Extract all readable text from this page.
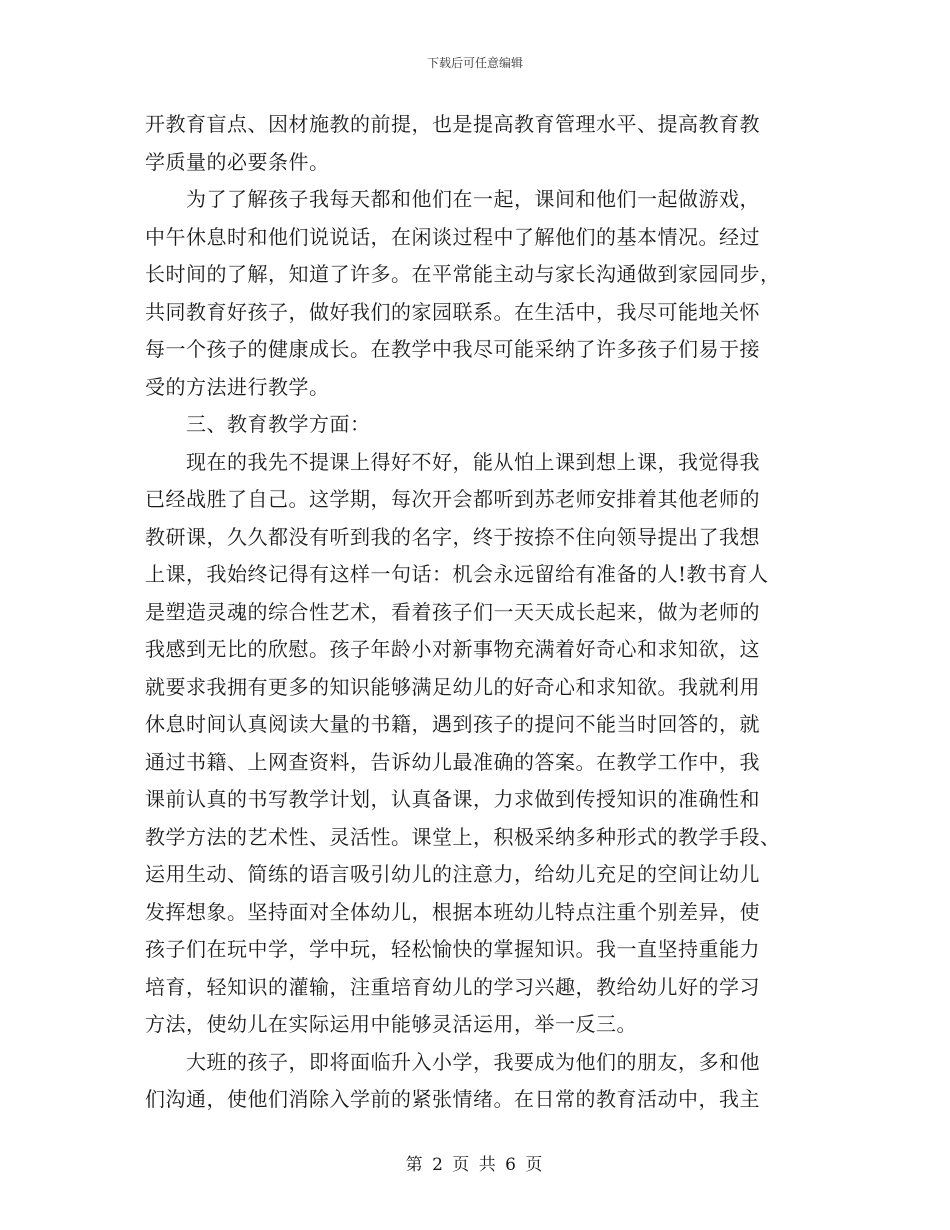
下载后可任意编辑
开教育盲点、因材施教的前提，也是提高教育管理水平、提高教育教
学质量的必要条件。
　　为了了解孩子我每天都和他们在一起，课间和他们一起做游戏，
中午休息时和他们说说话，在闲谈过程中了解他们的基本情况。经过
长时间的了解，知道了许多。在平常能主动与家长沟通做到家园同步，
共同教育好孩子，做好我们的家园联系。在生活中，我尽可能地关怀
每一个孩子的健康成长。在教学中我尽可能采纳了许多孩子们易于接
受的方法进行教学。
　　三、教育教学方面：
　　现在的我先不提课上得好不好，能从怕上课到想上课，我觉得我
已经战胜了自己。这学期，每次开会都听到苏老师安排着其他老师的
教研课，久久都没有听到我的名字，终于按捺不住向领导提出了我想
上课，我始终记得有这样一句话：机会永远留给有准备的人!教书育人
是塑造灵魂的综合性艺术，看着孩子们一天天成长起来，做为老师的
我感到无比的欣慰。孩子年龄小对新事物充满着好奇心和求知欲，这
就要求我拥有更多的知识能够满足幼儿的好奇心和求知欲。我就利用
休息时间认真阅读大量的书籍，遇到孩子的提问不能当时回答的，就
通过书籍、上网查资料，告诉幼儿最准确的答案。在教学工作中，我
课前认真的书写教学计划，认真备课，力求做到传授知识的准确性和
教学方法的艺术性、灵活性。课堂上，积极采纳多种形式的教学手段、
运用生动、简练的语言吸引幼儿的注意力，给幼儿充足的空间让幼儿
发挥想象。坚持面对全体幼儿，根据本班幼儿特点注重个别差异，使
孩子们在玩中学，学中玩，轻松愉快的掌握知识。我一直坚持重能力
培育，轻知识的灌输，注重培育幼儿的学习兴趣，教给幼儿好的学习
方法，使幼儿在实际运用中能够灵活运用，举一反三。
　　大班的孩子，即将面临升入小学，我要成为他们的朋友，多和他
们沟通，使他们消除入学前的紧张情绪。在日常的教育活动中，我主
第 2 页 共 6 页
